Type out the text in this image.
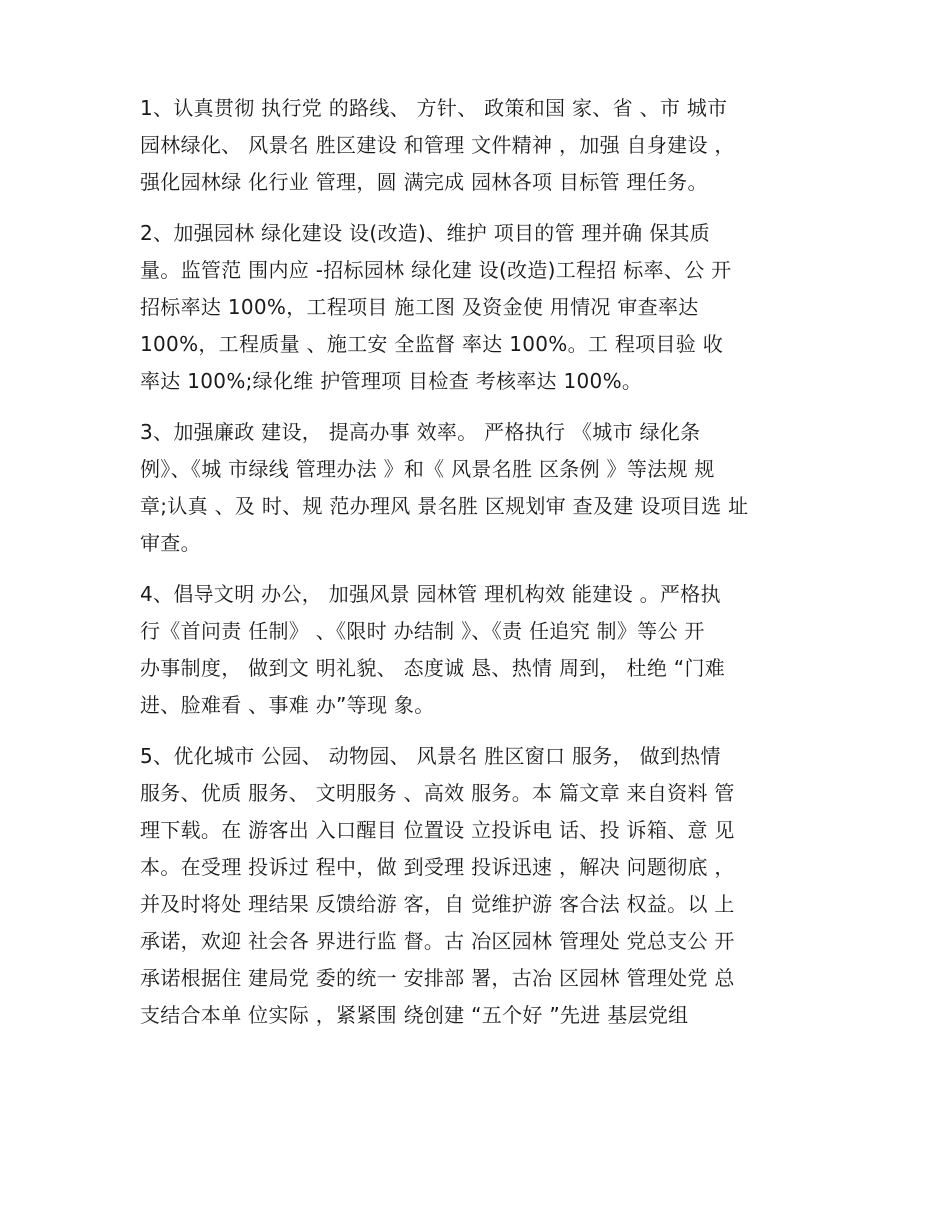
1、认真贯彻 执行党 的路线、 方针、 政策和国 家、省 、市 城市
园林绿化、 风景名 胜区建设 和管理 文件精神 ，加强 自身建设 ，
强化园林绿 化行业 管理，圆 满完成 园林各项 目标管 理任务。
2、加强园林 绿化建设 设(改造)、维护 项目的管 理并确 保其质
量。监管范 围内应 -招标园林 绿化建 设(改造)工程招 标率、公 开
招标率达 100%，工程项目 施工图 及资金使 用情况 审查率达
100%，工程质量 、施工安 全监督 率达 100%。工 程项目验 收
率达 100%;绿化维 护管理项 目检查 考核率达 100%。
3、加强廉政 建设， 提高办事 效率。 严格执行 《城市 绿化条
例》、《城 市绿线 管理办法 》和《 风景名胜 区条例 》等法规 规
章;认真 、及 时、规 范办理风 景名胜 区规划审 查及建 设项目选 址
审查。
4、倡导文明 办公， 加强风景 园林管 理机构效 能建设 。严格执
行《首问责 任制》 、《限时 办结制 》、《责 任追究 制》等公 开
办事制度， 做到文 明礼貌、 态度诚 恳、热情 周到， 杜绝 “门难
进、脸难看 、事难 办”等现 象。
5、优化城市 公园、 动物园、 风景名 胜区窗口 服务， 做到热情
服务、优质 服务、 文明服务 、高效 服务。本 篇文章 来自资料 管
理下载。在 游客出 入口醒目 位置设 立投诉电 话、投 诉箱、意 见
本。在受理 投诉过 程中，做 到受理 投诉迅速 ，解决 问题彻底 ，
并及时将处 理结果 反馈给游 客，自 觉维护游 客合法 权益。以 上
承诺，欢迎 社会各 界进行监 督。古 冶区园林 管理处 党总支公 开
承诺根据住 建局党 委的统一 安排部 署，古冶 区园林 管理处党 总
支结合本单 位实际 ，紧紧围 绕创建 “五个好 ”先进 基层党组
